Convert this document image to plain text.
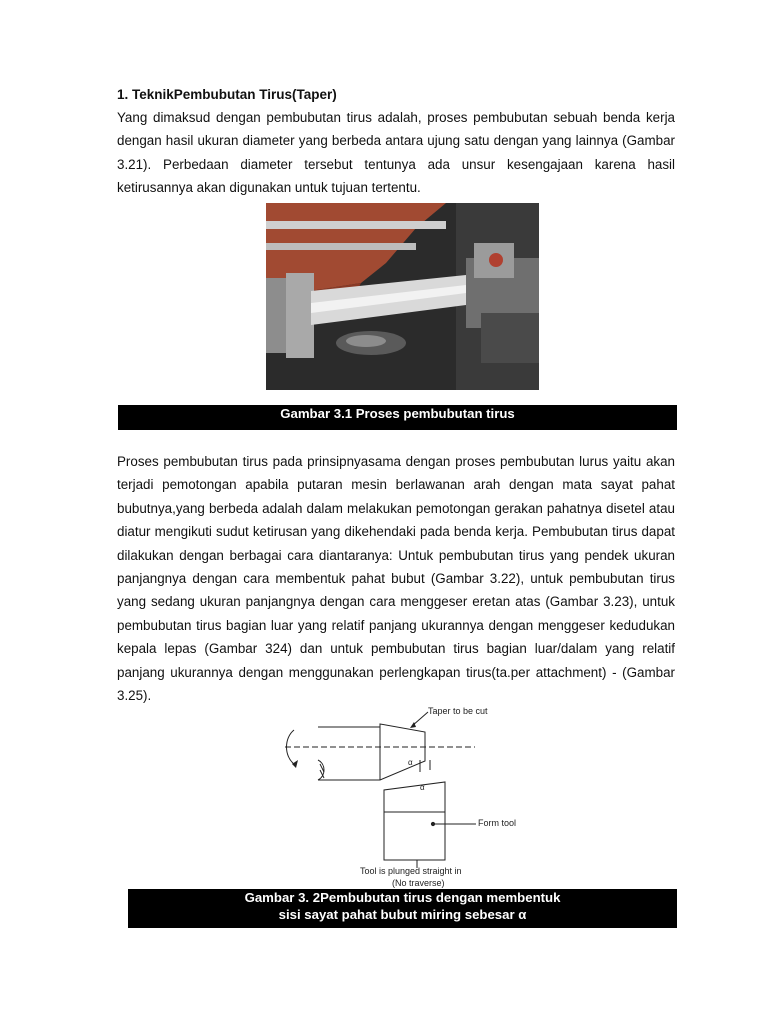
1. TeknikPembubutan Tirus(Taper)

Yang dimaksud dengan pembubutan tirus adalah, proses pembubutan sebuah benda kerja dengan hasil ukuran diameter yang berbeda antara ujung satu dengan yang lainnya (Gambar 3.21). Perbedaan diameter tersebut tentunya ada unsur kesengajaan karena hasil ketirusannya akan digunakan untuk tujuan tertentu.

Gambar 3.1 Proses pembubutan tirus

Proses pembubutan tirus pada prinsipnyasama dengan proses pembubutan lurus yaitu akan terjadi pemotongan apabila putaran mesin berlawanan arah dengan mata sayat pahat bubutnya,yang berbeda adalah dalam melakukan pemotongan gerakan pahatnya disetel atau diatur mengikuti sudut ketirusan yang dikehendaki pada benda kerja. Pembubutan tirus dapat dilakukan dengan berbagai cara diantaranya: Untuk pembubutan tirus yang pendek ukuran panjangnya dengan cara membentuk pahat bubut (Gambar 3.22), untuk pembubutan tirus yang sedang ukuran panjangnya dengan cara menggeser eretan atas (Gambar 3.23), untuk pembubutan tirus bagian luar yang relatif panjang ukurannya dengan menggeser kedudukan kepala lepas (Gambar 324) dan untuk pembubutan tirus bagian luar/dalam yang relatif panjang ukurannya dengan menggunakan perlengkapan tirus(ta.per attachment) - (Gambar 3.25).

Taper to be cut
α
α
Form tool
Tool is plunged straight in
(No traverse)
Gambar 3. 2Pembubutan tirus dengan membentuk
sisi sayat pahat bubut miring sebesar α
